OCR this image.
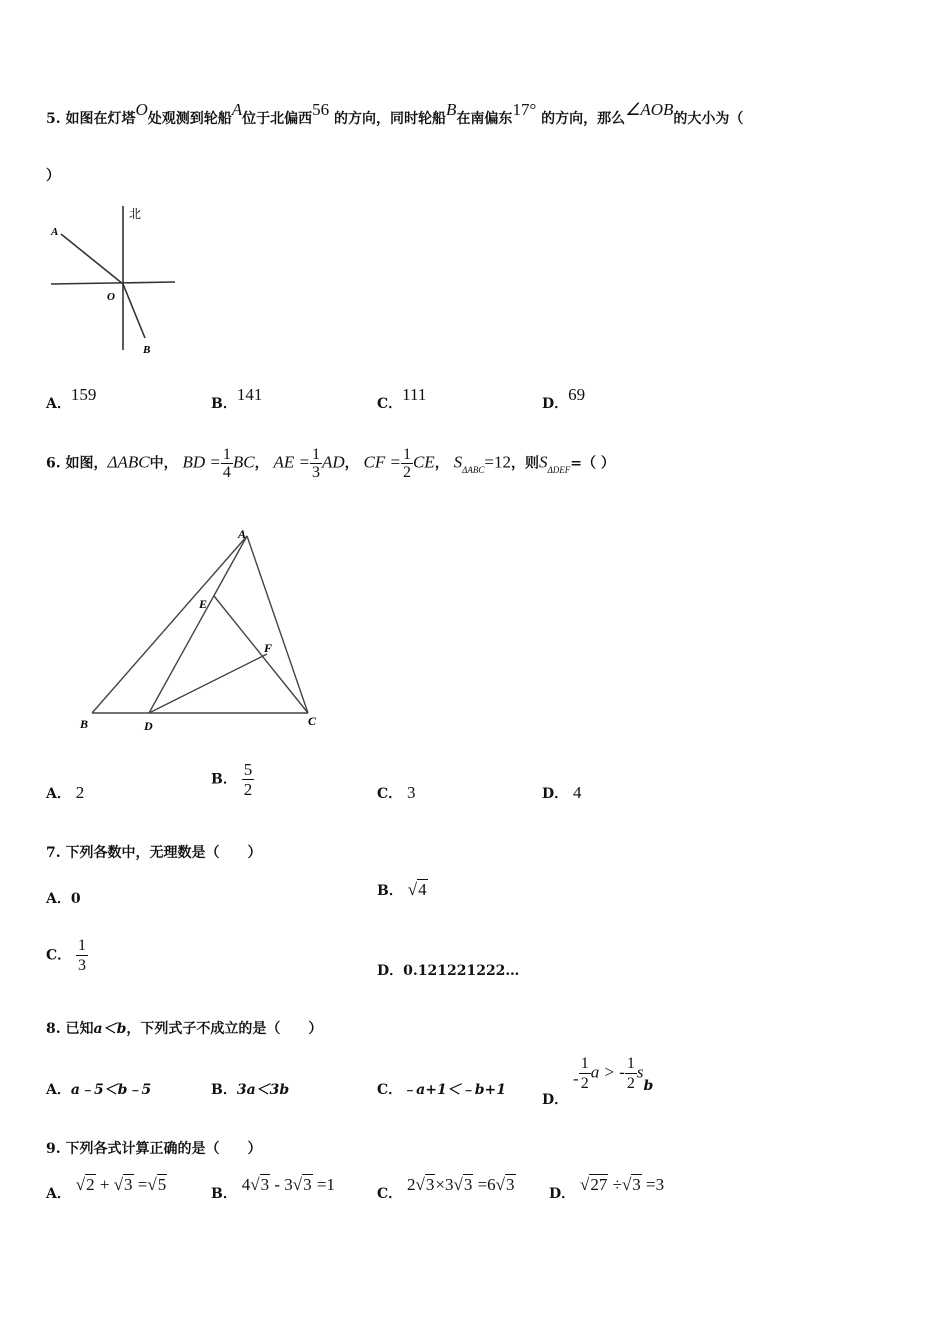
5. 如图在灯塔O处观测到轮船A位于北偏西56 的方向，同时轮船B在南偏东17° 的方向，那么∠AOB的大小为（
）
北
A
O
B
A．159	B．141	C．111	D．69
6. 如图，ΔABC中， BD = $\frac{1}{4}$ BC， AE = $\frac{1}{3}$ AD， CF = $\frac{1}{2}$ CE， $S_{\Delta ABC}=12$，则$S_{\Delta DEF}=$（ ）
A
B	C
D
E
F
A． 2
B． $\frac{5}{2}$	C． 3	D． 4
7. 下列各数中，无理数是（　　）
A．0	B． √4
C． $\frac{1}{3}$	D．0.121221222…
8. 已知a＜b，下列式子不成立的是（　　）
A．a﹣5＜b﹣5	B．3a＜3b	C．﹣a+1＜﹣b+1
D． - $\frac{1}{2}$ a > - $\frac{1}{2}$ sb
9. 下列各式计算正确的是（　　）
A． √2 + √3 =√5	B． 4√3 - 3√3 =1	C． 2√3×3√3 =6√3 D． √27 ÷√3 =3
